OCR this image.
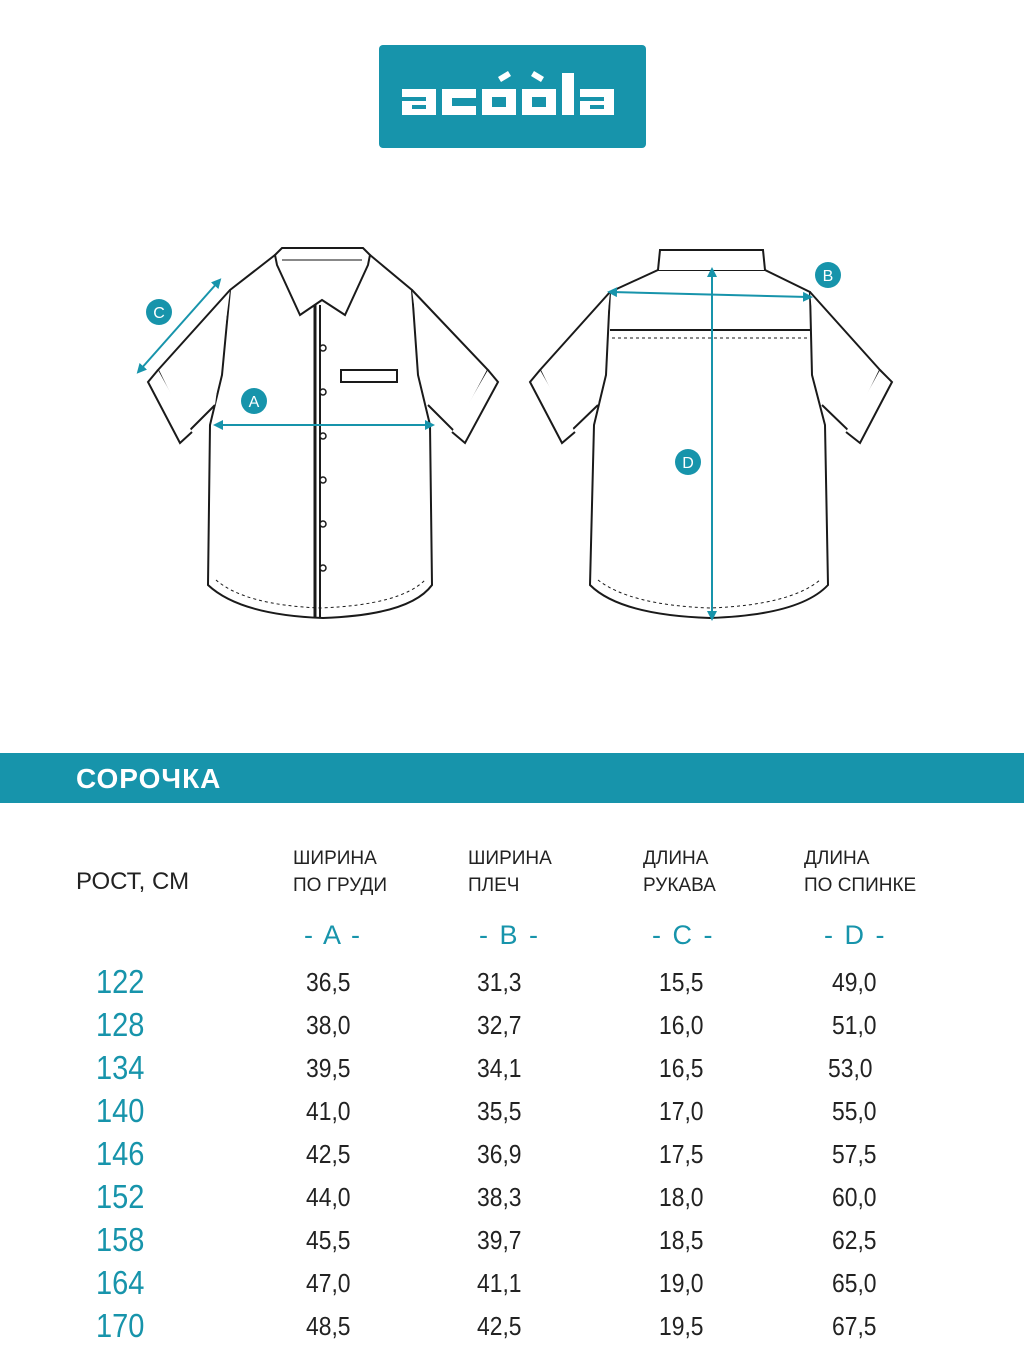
A
B
C
D
СОРОЧКА
РОСТ, СМ
ШИРИНА
ПО ГРУДИ
ШИРИНА
ПЛЕЧ
ДЛИНА
РУКАВА
ДЛИНА
ПО СПИНКЕ
- A -	- B -	- C -	- D -
122	36,5	31,3	15,5	49,0
128	38,0	32,7	16,0	51,0
134	39,5	34,1	16,5	53,0
140	41,0	35,5	17,0	55,0
146	42,5	36,9	17,5	57,5
152	44,0	38,3	18,0	60,0
158	45,5	39,7	18,5	62,5
164	47,0	41,1	19,0	65,0
170	48,5	42,5	19,5	67,5
